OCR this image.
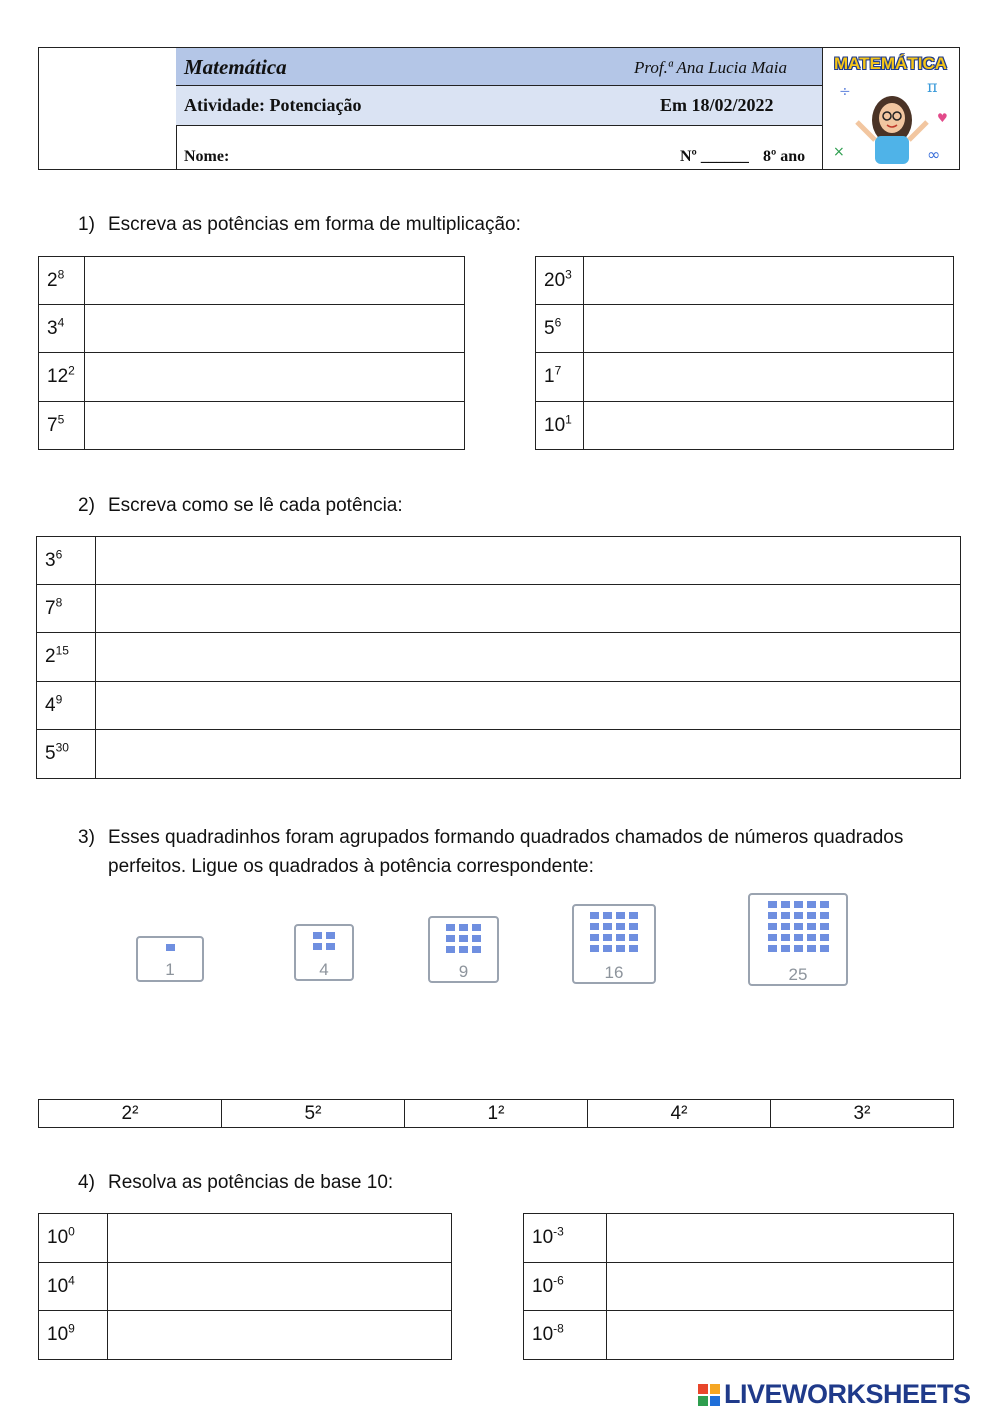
Matemática	Prof.ª Ana Lucia Maia
Atividade: Potenciação	Em 18/02/2022
Nome:	Nº ______ 8º ano
MATEMÁTICA
÷	π
×	∞
♥
1) Escreva as potências em forma de multiplicação:
$2^8$	
$3^4$	
$12^2$	
$7^5$	
$20^3$	
$5^6$	
$1^7$	
$10^1$	
2) Escreva como se lê cada potência:
$3^6$	
$7^8$	
$2^{15}$	
$4^9$	
$5^{30}$	
3) Esses quadradinhos foram agrupados formando quadrados chamados de números quadrados
perfeitos. Ligue os quadrados à potência correspondente:
1	4	9	16	25
2²	5²	1²	4²	3²
4) Resolva as potências de base 10:
$10^0$	
$10^4$	
$10^9$	
$10^{-3}$	
$10^{-6}$	
$10^{-8}$	
LIVEWORKSHEETS
